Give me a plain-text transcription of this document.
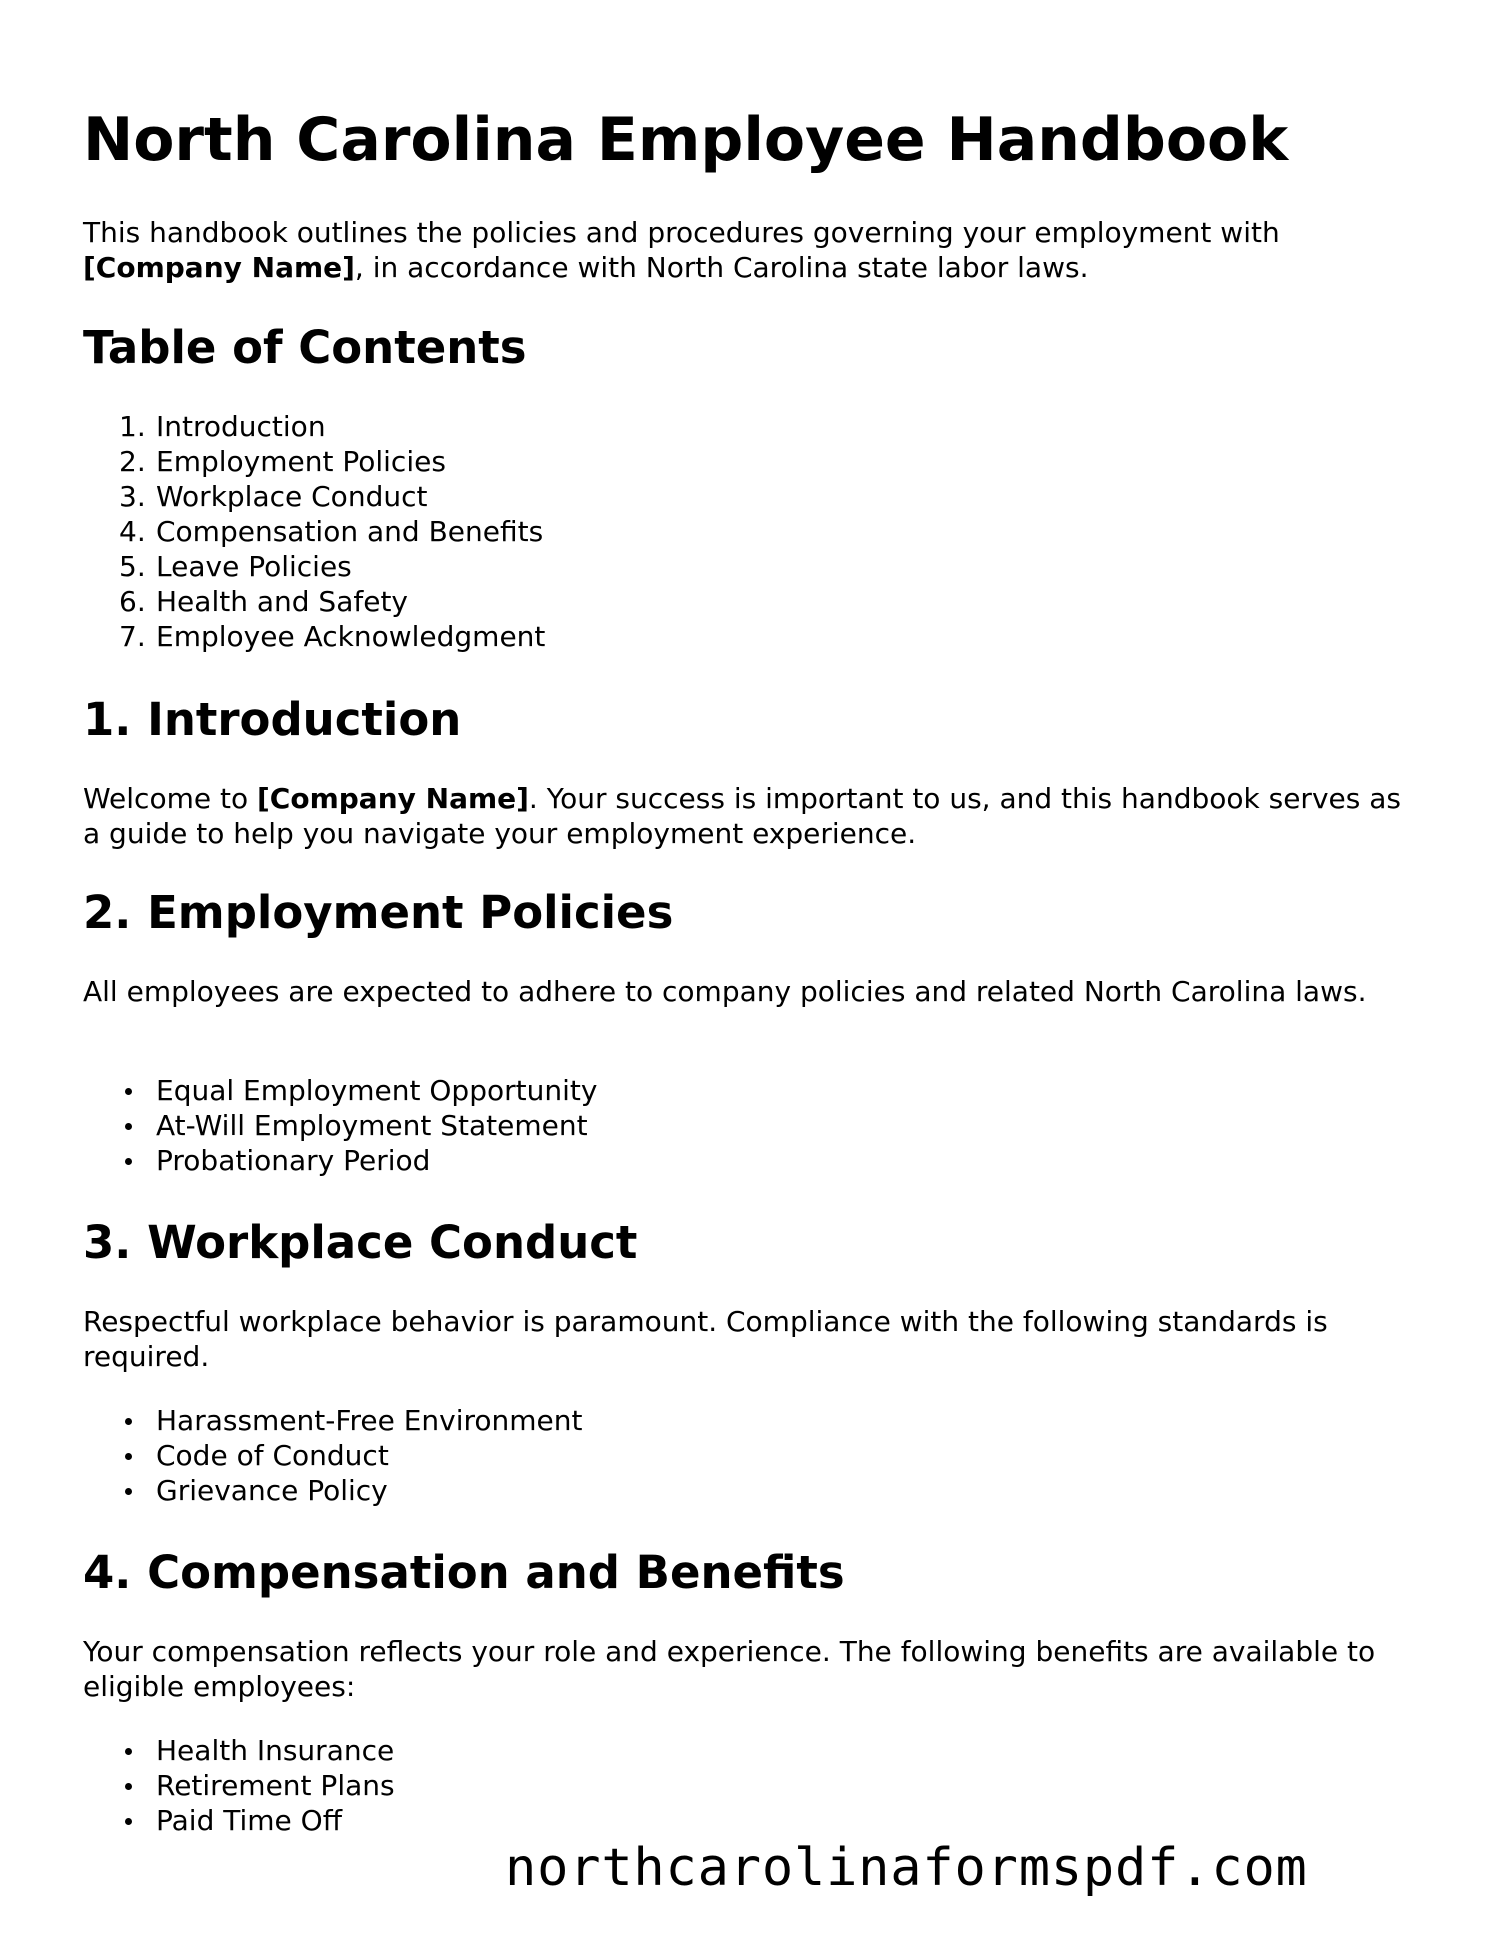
North Carolina Employee Handbook

This handbook outlines the policies and procedures governing your employment with [Company Name], in accordance with North Carolina state labor laws.

Table of Contents
1. Introduction
2. Employment Policies
3. Workplace Conduct
4. Compensation and Benefits
5. Leave Policies
6. Health and Safety
7. Employee Acknowledgment
1. Introduction

Welcome to [Company Name]. Your success is important to us, and this handbook serves as a guide to help you navigate your employment experience.

2. Employment Policies

All employees are expected to adhere to company policies and related North Carolina laws.

Equal Employment Opportunity
At-Will Employment Statement
Probationary Period
3. Workplace Conduct

Respectful workplace behavior is paramount. Compliance with the following standards is required.

Harassment-Free Environment
Code of Conduct
Grievance Policy
4. Compensation and Benefits

Your compensation reflects your role and experience. The following benefits are available to eligible employees:

Health Insurance
Retirement Plans
Paid Time Off
northcarolinaformspdf.com
